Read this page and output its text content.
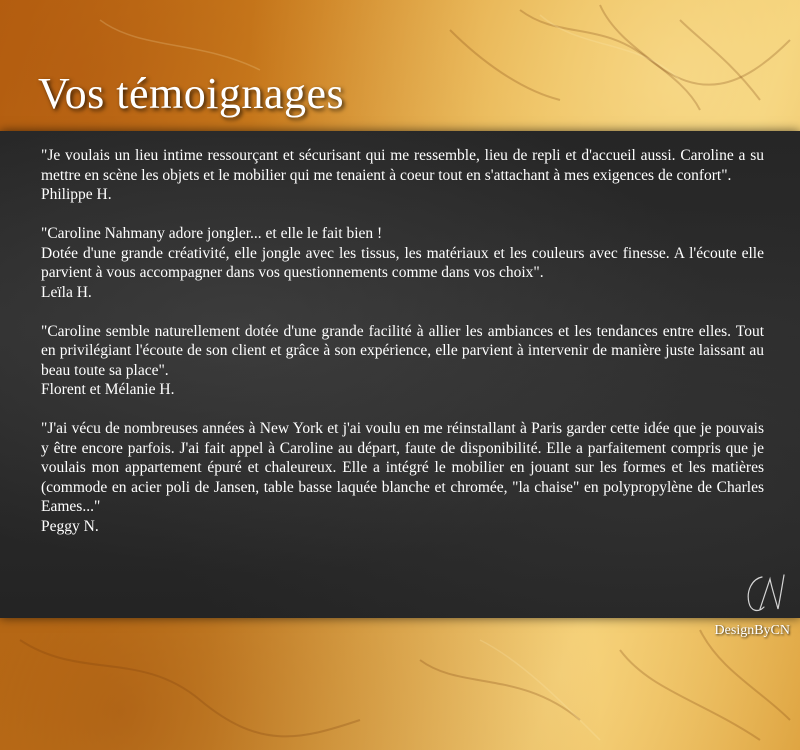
Vos témoignages
"Je voulais un lieu intime ressourçant et sécurisant qui me ressemble, lieu de repli et d'accueil aussi. Caroline a su mettre en scène les objets et le mobilier qui me tenaient à coeur tout en s'attachant à mes exigences de confort".
Philippe H.
"Caroline Nahmany adore jongler... et elle le fait bien !
Dotée d'une grande créativité, elle jongle avec les tissus, les matériaux et les couleurs avec finesse. A l'écoute elle parvient à vous accompagner dans vos questionnements comme dans vos choix".
Leïla H.
"Caroline semble naturellement dotée d'une grande facilité à allier les ambiances et les tendances entre elles. Tout en privilégiant l'écoute de son client et grâce à son expérience, elle parvient à intervenir de manière juste laissant au beau toute sa place".
Florent et Mélanie H.
"J'ai vécu de nombreuses années à New York et j'ai voulu en me réinstallant à Paris garder cette idée que je pouvais y être encore parfois. J'ai fait appel à Caroline au départ, faute de disponibilité. Elle a parfaitement compris que je voulais mon appartement épuré et chaleureux. Elle a intégré le mobilier en jouant sur les formes et les matières (commode en acier poli de Jansen, table basse laquée blanche et chromée, "la chaise" en polypropylène de Charles Eames..."
Peggy N.
DesignByCN
